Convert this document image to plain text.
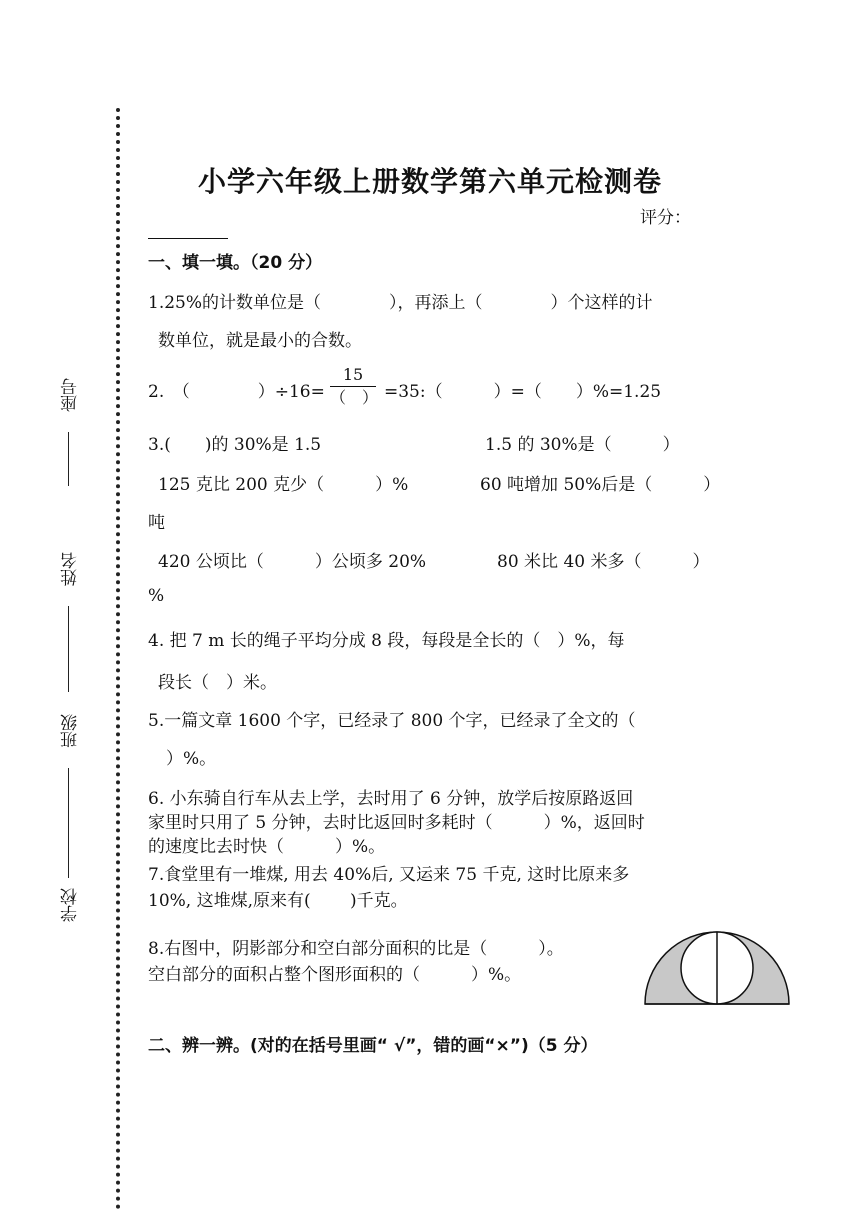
座号
姓名
班级
学校
小学六年级上册数学第六单元检测卷
评分：
一、填一填。（20 分）
1.25%的计数单位是（　　　　），再添上（　　　　）个这样的计
数单位，就是最小的合数。
2.　（　　　　）÷16=
15
（　） =35:（　　　）=（　　）%=1.25
3.(　　)的 30%是 1.5	1.5 的 30%是（　　　）
125 克比 200 克少（　　　）%	60 吨增加 50%后是（　　　）
吨
420 公顷比（　　　）公顷多 20%	80 米比 40 米多（　　　）
%
4. 把 7 m 长的绳子平均分成 8 段，每段是全长的（　）%，每
段长（　）米。
5.一篇文章 1600 个字，已经录了 800 个字，已经录了全文的（
）%。
6. 小东骑自行车从去上学，去时用了 6 分钟，放学后按原路返回
家里时只用了 5 分钟，去时比返回时多耗时（　　　）%，返回时
的速度比去时快（　　　）%。
7.食堂里有一堆煤, 用去 40%后, 又运来 75 千克, 这时比原来多
10%, 这堆煤,原来有(　　 )千克。
8.右图中，阴影部分和空白部分面积的比是（　　　）。
空白部分的面积占整个图形面积的（　　　）%。
二、辨一辨。(对的在括号里画“ √”，错的画“×”)（5 分）
